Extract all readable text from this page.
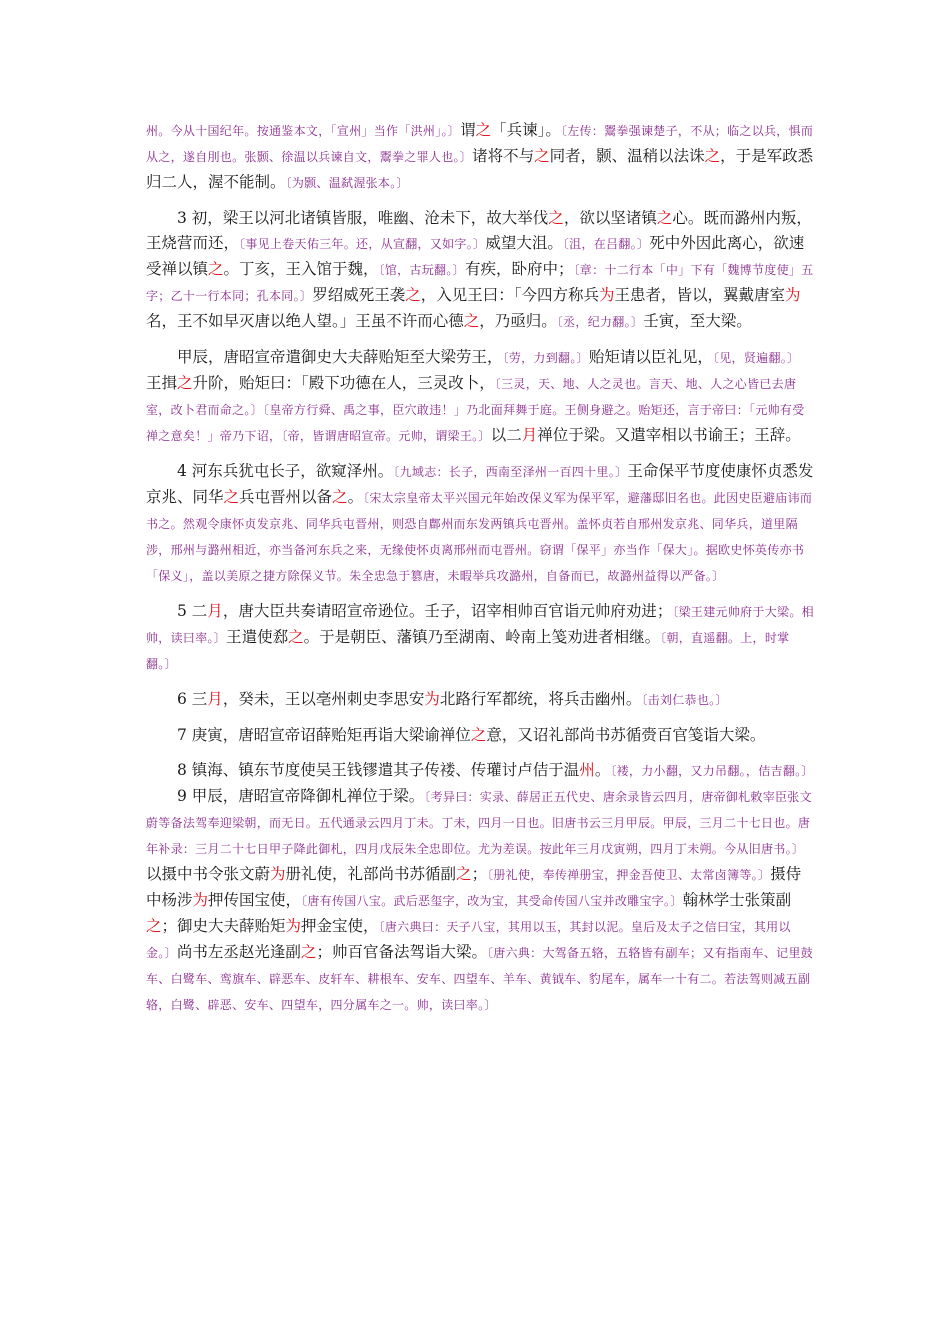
州。今从十国纪年。按通鉴本文，「宣州」当作「洪州」。〕谓之「兵谏」。〔左传：鬻拳强谏楚子，不从；临之以兵，惧而从之，遂自刖也。张颢、徐温以兵谏自文，鬻拳之罪人也。〕诸将不与之同者，颢、温稍以法诛之，于是军政悉归二人，渥不能制。〔为颢、温弑渥张本。〕

3 初，梁王以河北诸镇皆服，唯幽、沧未下，故大举伐之，欲以坚诸镇之心。既而潞州内叛，王烧营而还，〔事见上卷天佑三年。还，从宣翻，又如字。〕威望大沮。〔沮，在吕翻。〕死中外因此离心，欲速受禅以镇之。丁亥，王入馆于魏，〔馆，古玩翻。〕有疾，卧府中；〔章：十二行本「中」下有「魏博节度使」五字；乙十一行本同；孔本同。〕罗绍威死王袭之，入见王曰：「今四方称兵为王患者，皆以，翼戴唐室为名，王不如早灭唐以绝人望。」王虽不许而心德之，乃亟归。〔丞，纪力翻。〕壬寅，至大梁。

甲辰，唐昭宣帝遣御史大夫薛贻矩至大梁劳王，〔劳，力到翻。〕贻矩请以臣礼见，〔见，贤遍翻。〕王揖之升阶，贻矩曰：「殿下功德在人，三灵改卜，〔三灵，天、地、人之灵也。言天、地、人之心皆已去唐室，改卜君而命之。〕〔皇帝方行舜、禹之事，臣穴敢违！」乃北面拜舞于庭。王侧身避之。贻矩还，言于帝曰：「元帅有受禅之意矣！」帝乃下诏，〔帝，皆谓唐昭宣帝。元帅，谓梁王。〕以二月禅位于梁。又遣宰相以书谕王；王辞。

4 河东兵犹屯长子，欲窥泽州。〔九域志：长子，西南至泽州一百四十里。〕王命保平节度使康怀贞悉发京兆、同华之兵屯晋州以备之。〔宋太宗皇帝太平兴国元年始改保义军为保平军，避藩邸旧名也。此因史臣避庙讳而书之。然观令康怀贞发京兆、同华兵屯晋州，则恐自鄜州而东发两镇兵屯晋州。盖怀贞若自邢州发京兆、同华兵，道里隔涉，邢州与潞州相近，亦当备河东兵之来，无缘使怀贞离邢州而屯晋州。窃谓「保平」亦当作「保大」。据欧史怀英传亦书「保义」，盖以美原之捷方除保义节。朱全忠急于篡唐，未暇举兵攻潞州，自备而已，故潞州益得以严备。〕

5 二月，唐大臣共奏请昭宣帝逊位。壬子，诏宰相帅百官诣元帅府劝进；〔梁王建元帅府于大梁。相帅，读曰率。〕王遣使郄之。于是朝臣、藩镇乃至湖南、岭南上笺劝进者相继。〔朝，直遥翻。上，时掌翻。〕

6 三月，癸未，王以亳州刺史李思安为北路行军都统，将兵击幽州。〔击刘仁恭也。〕

7 庚寅，唐昭宣帝诏薛贻矩再诣大梁谕禅位之意，又诏礼部尚书苏循赍百官笺诣大梁。

8 镇海、镇东节度使吴王钱镠遣其子传褛、传瓘讨卢佶于温州。〔褛，力小翻，又力吊翻。，佶吉翻。〕

9 甲辰，唐昭宣帝降御札禅位于梁。〔考异曰：实录、薛居正五代史、唐余录皆云四月，唐帝御札敕宰臣张文蔚等备法驾奉迎梁朝，而无日。五代通录云四月丁未。丁未，四月一日也。旧唐书云三月甲辰。甲辰，三月二十七日也。唐年补录：三月二十七日甲子降此御札，四月戊辰朱全忠即位。尤为差误。按此年三月戊寅朔，四月丁未朔。今从旧唐书。〕以摄中书令张文蔚为册礼使，礼部尚书苏循副之；〔册礼使，奉传禅册宝，押金吾使卫、太常卤簿等。〕摄侍中杨涉为押传国宝使，〔唐有传国八宝。武后恶玺字，改为宝，其受命传国八宝并改雕宝字。〕翰林学士张策副之；御史大夫薛贻矩为押金宝使，〔唐六典曰：天子八宝，其用以玉，其封以泥。皇后及太子之信曰宝，其用以金。〕尚书左丞赵光逢副之；帅百官备法驾诣大梁。〔唐六典：大驾备五辂，五辂皆有副车；又有指南车、记里鼓车、白鹭车、鸾旗车、辟恶车、皮轩车、耕根车、安车、四望车、羊车、黄钺车、豹尾车，属车一十有二。若法驾则减五副辂，白鹭、辟恶、安车、四望车，四分属车之一。帅，读曰率。〕
